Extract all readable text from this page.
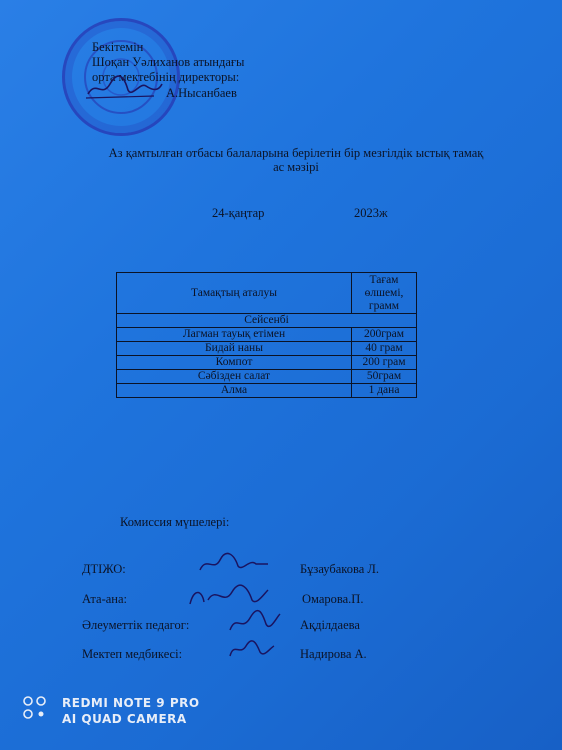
Бекітемін
Шоқан Уәлиханов атындағы
орта мектебінің директоры:
А.Нысанбаев
Аз қамтылған отбасы балаларына берілетін бір мезгілдік ыстық тамақ
ас мәзірі
24-қаңтар	2023ж
Тамақтың аталуы	Тағам өлшемі, грамм
Сейсенбі	
Лагман тауық етімен	200грам
Бидай наны	40 грам
Компот	200 грам
Сәбізден салат	50грам
Алма	1 дана
Комиссия мүшелері:
ДТІЖО:	Бұзаубакова Л.
Ата-ана:	Омарова.П.
Әлеуметтік педагог:	Ақділдаева
Мектеп медбикесі:	Надирова А.
REDMI NOTE 9 PRO
AI QUAD CAMERA
